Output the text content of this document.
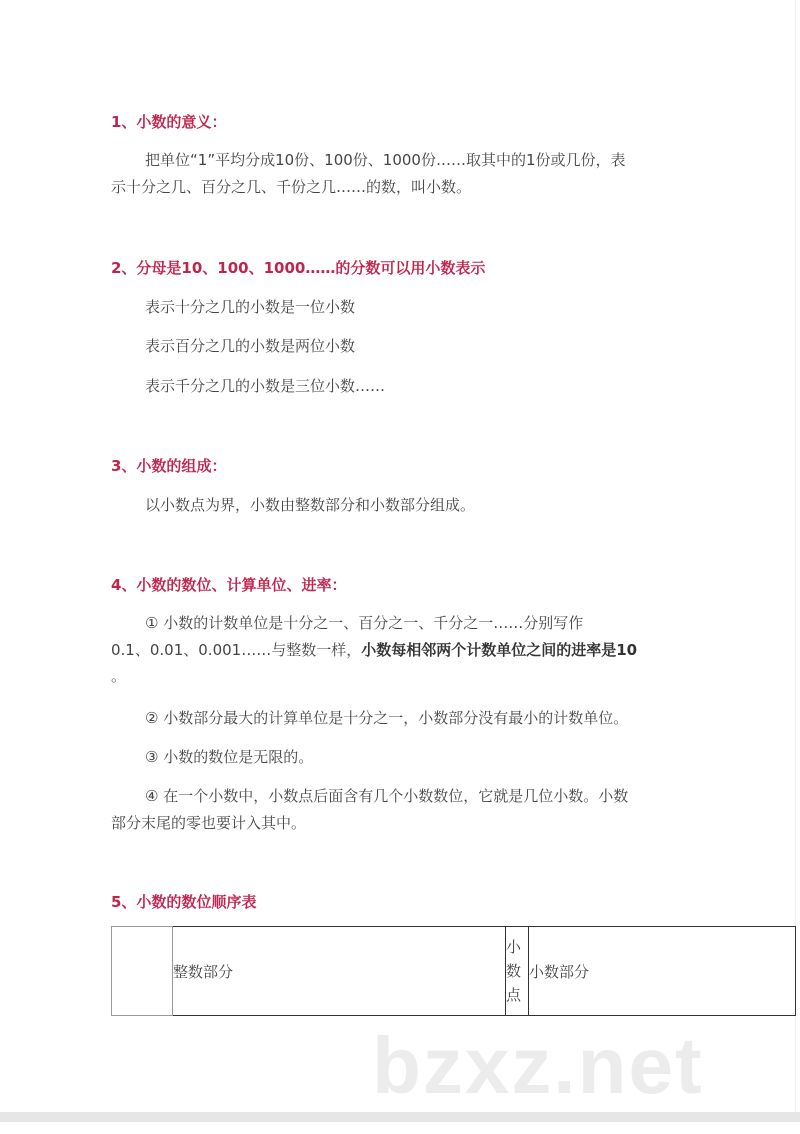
1、小数的意义：
把单位“1”平均分成10份、100份、1000份……取其中的1份或几份，表
示十分之几、百分之几、千份之几……的数，叫小数。
2、分母是10、100、1000……的分数可以用小数表示
表示十分之几的小数是一位小数
表示百分之几的小数是两位小数
表示千分之几的小数是三位小数……
3、小数的组成：
以小数点为界，小数由整数部分和小数部分组成。
4、小数的数位、计算单位、进率：
① 小数的计数单位是十分之一、百分之一、千分之一……分别写作
0.1、0.01、0.001……与整数一样，小数每相邻两个计数单位之间的进率是10
。
② 小数部分最大的计算单位是十分之一，小数部分没有最小的计数单位。
③ 小数的数位是无限的。
④ 在一个小数中，小数点后面含有几个小数数位，它就是几位小数。小数
部分末尾的零也要计入其中。
5、小数的数位顺序表
	整数部分	小数点	小数部分
bzxz.net
